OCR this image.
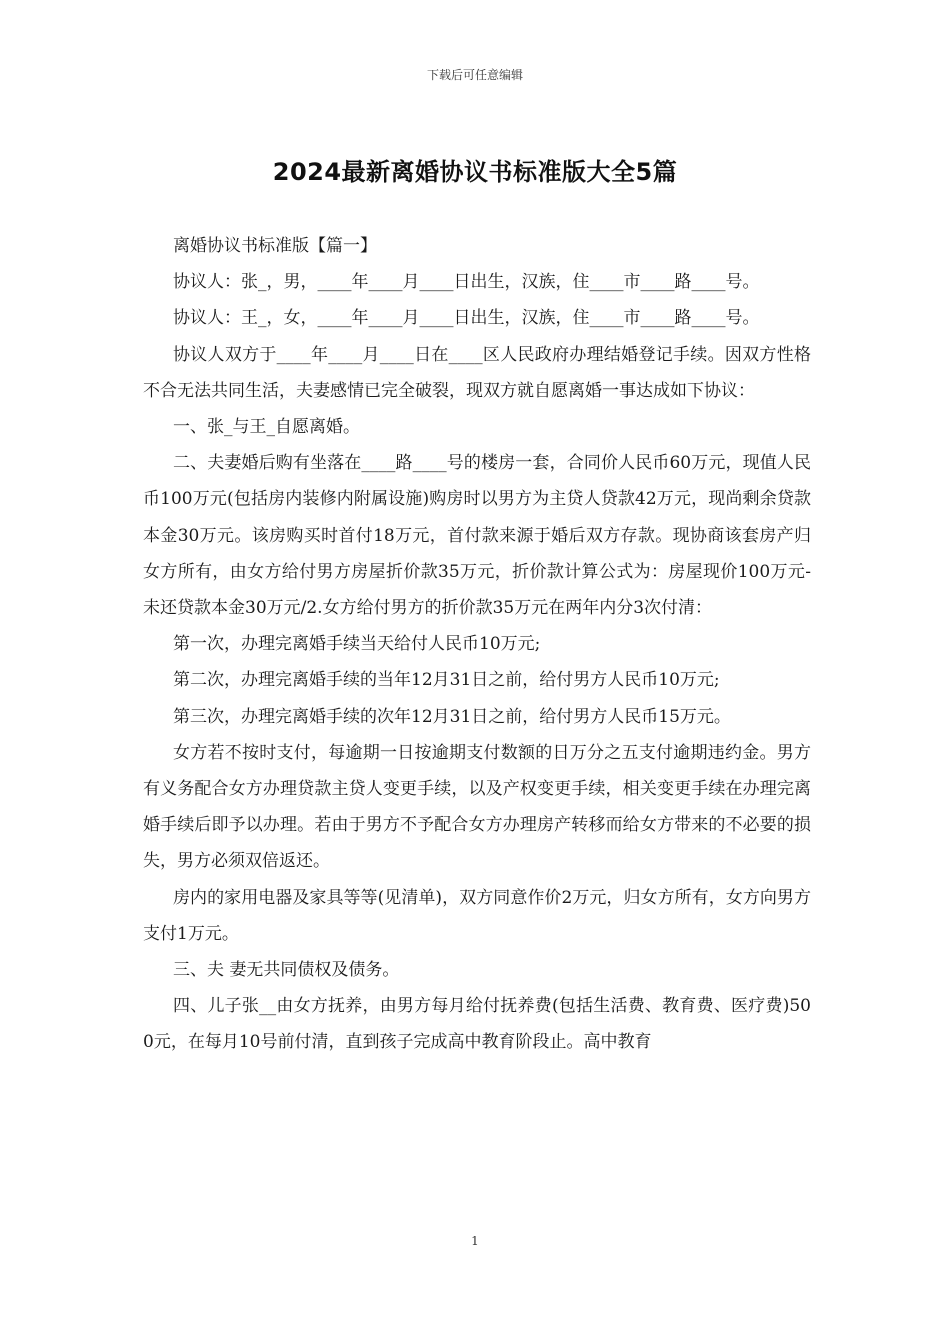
下载后可任意编辑
2024最新离婚协议书标准版大全5篇

离婚协议书标准版【篇一】

协议人：张_，男，____年____月____日出生，汉族，住____市____路____号。

协议人：王_，女，____年____月____日出生，汉族，住____市____路____号。

协议人双方于____年____月____日在____区人民政府办理结婚登记手续。因双方性格不合无法共同生活，夫妻感情已完全破裂，现双方就自愿离婚一事达成如下协议：

一、张_与王_自愿离婚。

二、夫妻婚后购有坐落在____路____号的楼房一套，合同价人民币60万元，现值人民币100万元(包括房内装修内附属设施)购房时以男方为主贷人贷款42万元，现尚剩余贷款本金30万元。该房购买时首付18万元，首付款来源于婚后双方存款。现协商该套房产归女方所有，由女方给付男方房屋折价款35万元，折价款计算公式为：房屋现价100万元-未还贷款本金30万元/2.女方给付男方的折价款35万元在两年内分3次付清：

第一次，办理完离婚手续当天给付人民币10万元;

第二次，办理完离婚手续的当年12月31日之前，给付男方人民币10万元;

第三次，办理完离婚手续的次年12月31日之前，给付男方人民币15万元。

女方若不按时支付，每逾期一日按逾期支付数额的日万分之五支付逾期违约金。男方有义务配合女方办理贷款主贷人变更手续，以及产权变更手续，相关变更手续在办理完离婚手续后即予以办理。若由于男方不予配合女方办理房产转移而给女方带来的不必要的损失，男方必须双倍返还。

房内的家用电器及家具等等(见清单)，双方同意作价2万元，归女方所有，女方向男方支付1万元。

三、夫 妻无共同债权及债务。

四、儿子张__由女方抚养，由男方每月给付抚养费(包括生活费、教育费、医疗费)500元，在每月10号前付清，直到孩子完成高中教育阶段止。高中教育

1
